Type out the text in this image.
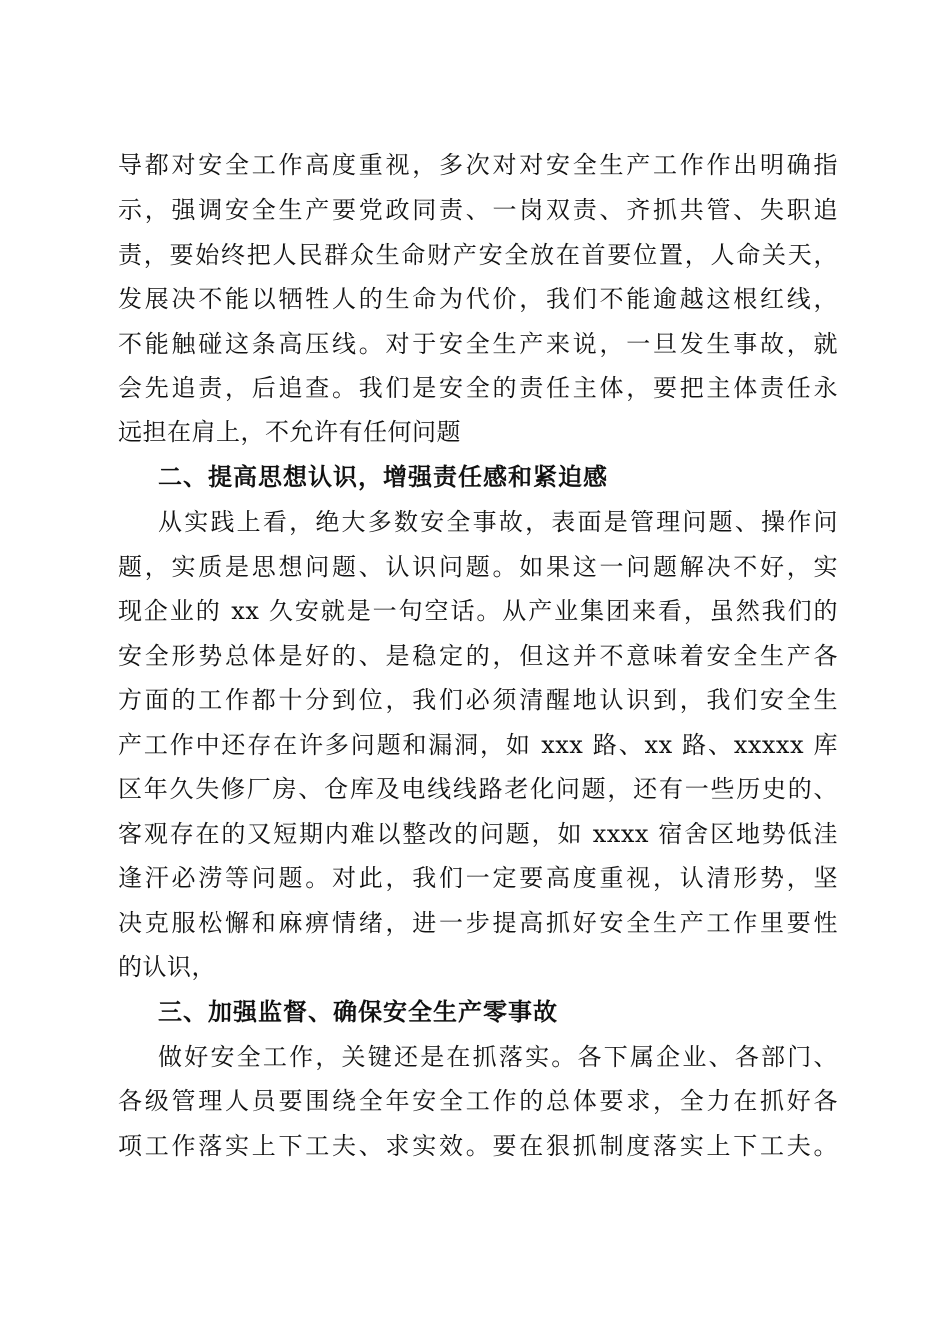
导都对安全工作高度重视，多次对对安全生产工作作出明确指
示，强调安全生产要党政同责、一岗双责、齐抓共管、失职追
责，要始终把人民群众生命财产安全放在首要位置，人命关天，
发展决不能以牺牲人的生命为代价，我们不能逾越这根红线，
不能触碰这条高压线。对于安全生产来说，一旦发生事故，就
会先追责，后追查。我们是安全的责任主体，要把主体责任永
远担在肩上，不允许有任何问题
二、提高思想认识，增强责任感和紧迫感
从实践上看，绝大多数安全事故，表面是管理问题、操作问
题，实质是思想问题、认识问题。如果这一问题解决不好，实
现企业的 xx 久安就是一句空话。从产业集团来看，虽然我们的
安全形势总体是好的、是稳定的，但这并不意味着安全生产各
方面的工作都十分到位，我们必须清醒地认识到，我们安全生
产工作中还存在许多问题和漏洞，如 xxx 路、xx 路、xxxxx 库
区年久失修厂房、仓库及电线线路老化问题，还有一些历史的、
客观存在的又短期内难以整改的问题，如 xxxx 宿舍区地势低洼
逢汗必涝等问题。对此，我们一定要高度重视，认清形势，坚
决克服松懈和麻痹情绪，进一步提高抓好安全生产工作里要性
的认识，
三、加强监督、确保安全生产零事故
做好安全工作，关键还是在抓落实。各下属企业、各部门、
各级管理人员要围绕全年安全工作的总体要求，全力在抓好各
项工作落实上下工夫、求实效。要在狠抓制度落实上下工夫。
